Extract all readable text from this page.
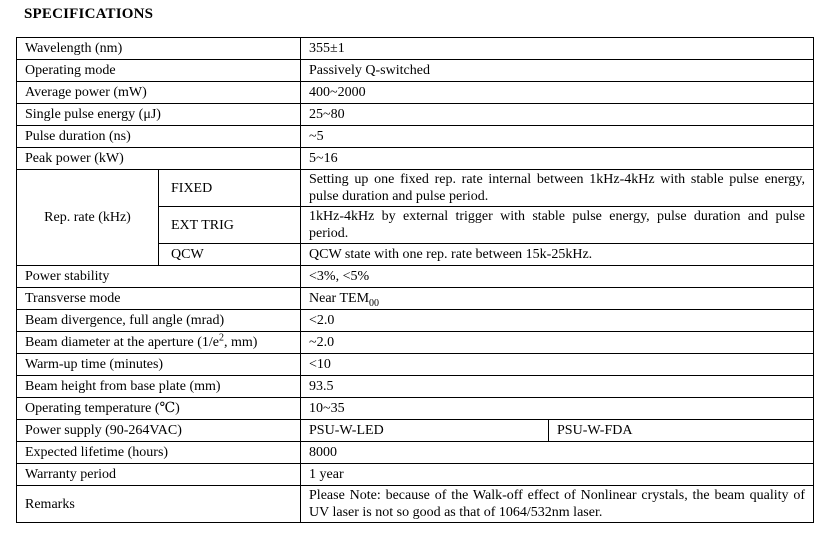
SPECIFICATIONS
Wavelength (nm)		355±1	
Operating mode		Passively Q-switched	
Average power (mW)		400~2000	
Single pulse energy (μJ)		25~80	
Pulse duration (ns)		~5	
Peak power (kW)		5~16	
Rep. rate (kHz)	FIXED	Setting up one fixed rep. rate internal between 1kHz-4kHz with stable pulse energy, pulse duration and pulse period.	
	EXT TRIG	1kHz-4kHz by external trigger with stable pulse energy, pulse duration and pulse period.	
	QCW	QCW state with one rep. rate between 15k-25kHz.	
Power stability		<3%, <5%	
Transverse mode		Near $TEM_{00}$
Beam divergence, full angle (mrad)		<2.0	
Beam diameter at the aperture ($1/e^2$, mm)		~2.0	
Warm-up time (minutes)		<10	
Beam height from base plate (mm)		93.5	
Operating temperature (℃)		10~35	
Power supply (90-264VAC)		PSU-W-LED	PSU-W-FDA
Expected lifetime (hours)		8000	
Warranty period		1 year	
Remarks		Please Note: because of the Walk-off effect of Nonlinear crystals, the beam quality of UV laser is not so good as that of 1064/532nm laser.	
